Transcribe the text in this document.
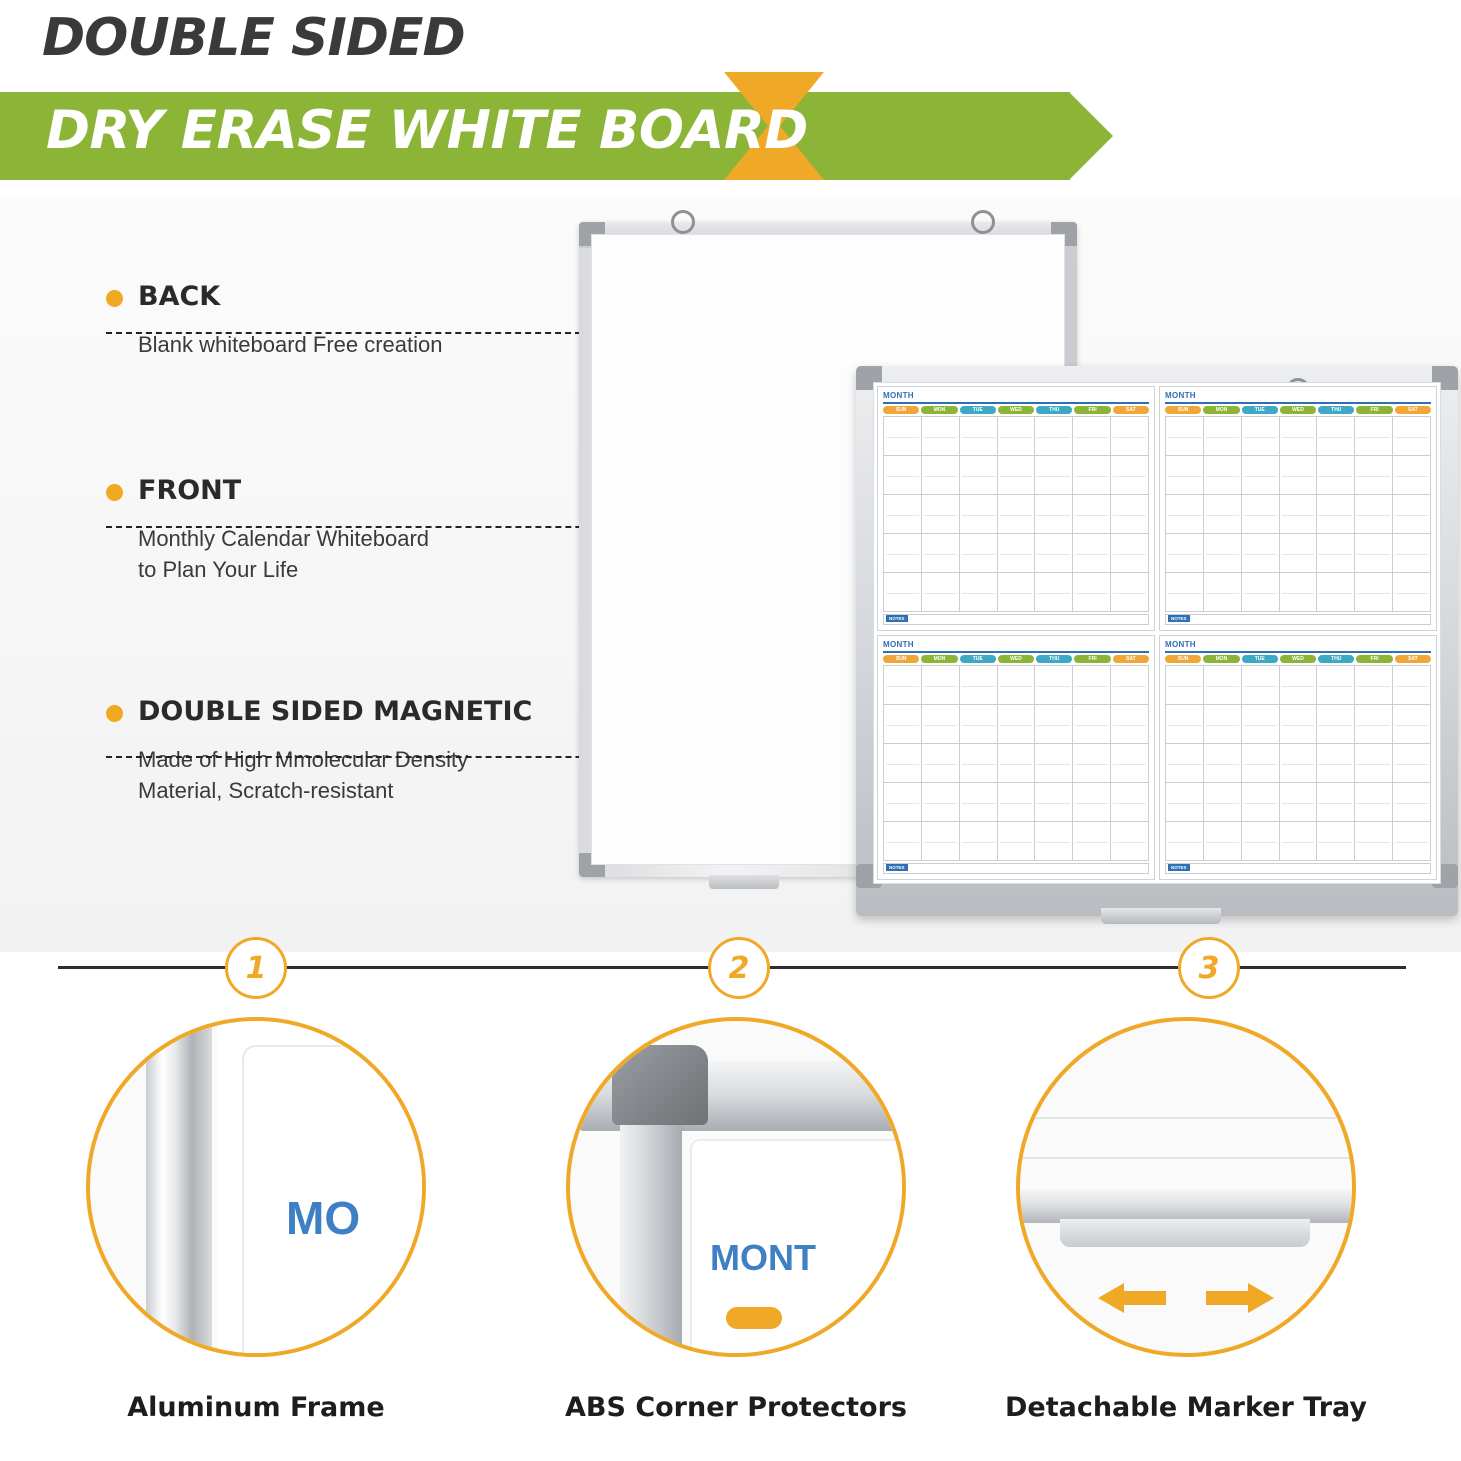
DOUBLE SIDED
DRY ERASE WHITE BOARD
BACK
Blank whiteboard Free creation
FRONT
Monthly Calendar Whiteboard
to Plan Your Life
DOUBLE SIDED MAGNETIC
Made of High Mmolecular Density
Material, Scratch-resistant
MONTH
SUN	MON	TUE	WED	THU	FRI	SAT
NOTES
MONTH
SUN	MON	TUE	WED	THU	FRI	SAT
NOTES
MONTH
SUN	MON	TUE	WED	THU	FRI	SAT
NOTES
MONTH
SUN	MON	TUE	WED	THU	FRI	SAT
NOTES
1	2	3
MO
Aluminum Frame
MONT
ABS Corner Protectors	Detachable Marker Tray
